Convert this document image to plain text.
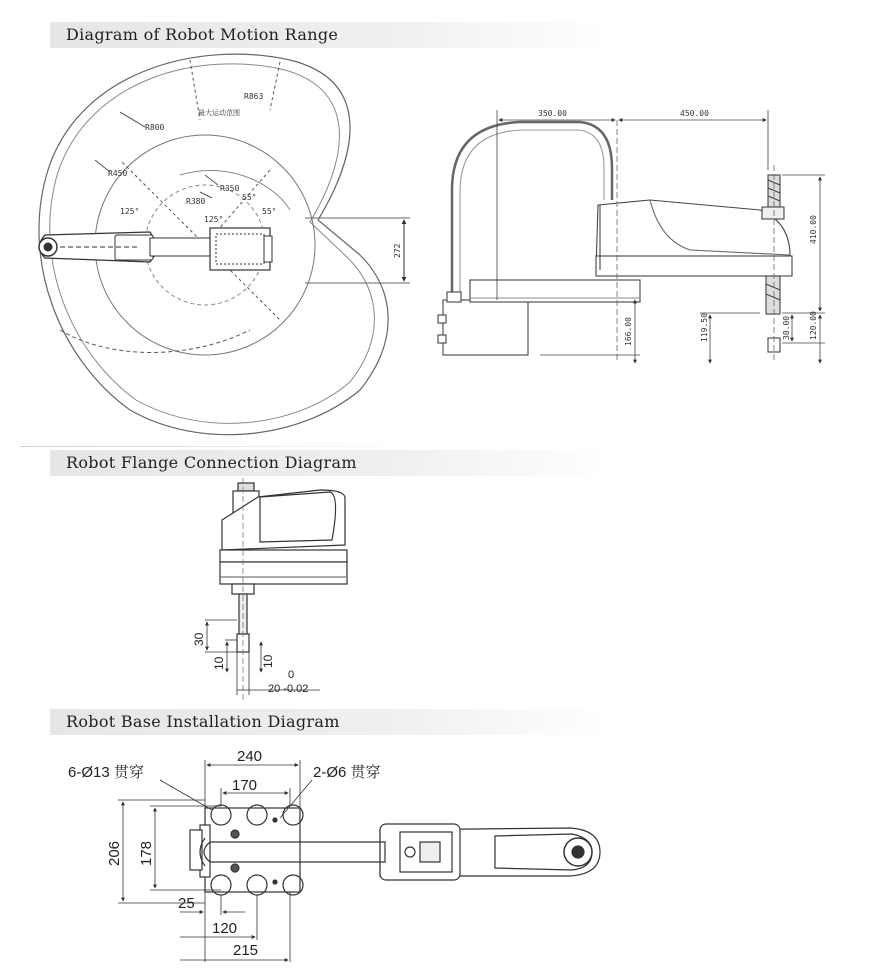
Diagram of Robot Motion Range
Robot Flange Connection Diagram
Robot Base Installation Diagram
R863
R800
R450
R380
R350
最大运动范围
125°
125°
55°
55°
272
350.00	450.00
410.00
30.00 120.00
119.50
166.00
30
10	10
0
20 -0.02
6-Ø13 贯穿	2-Ø6 贯穿
240
170
206 178
25
120
215
